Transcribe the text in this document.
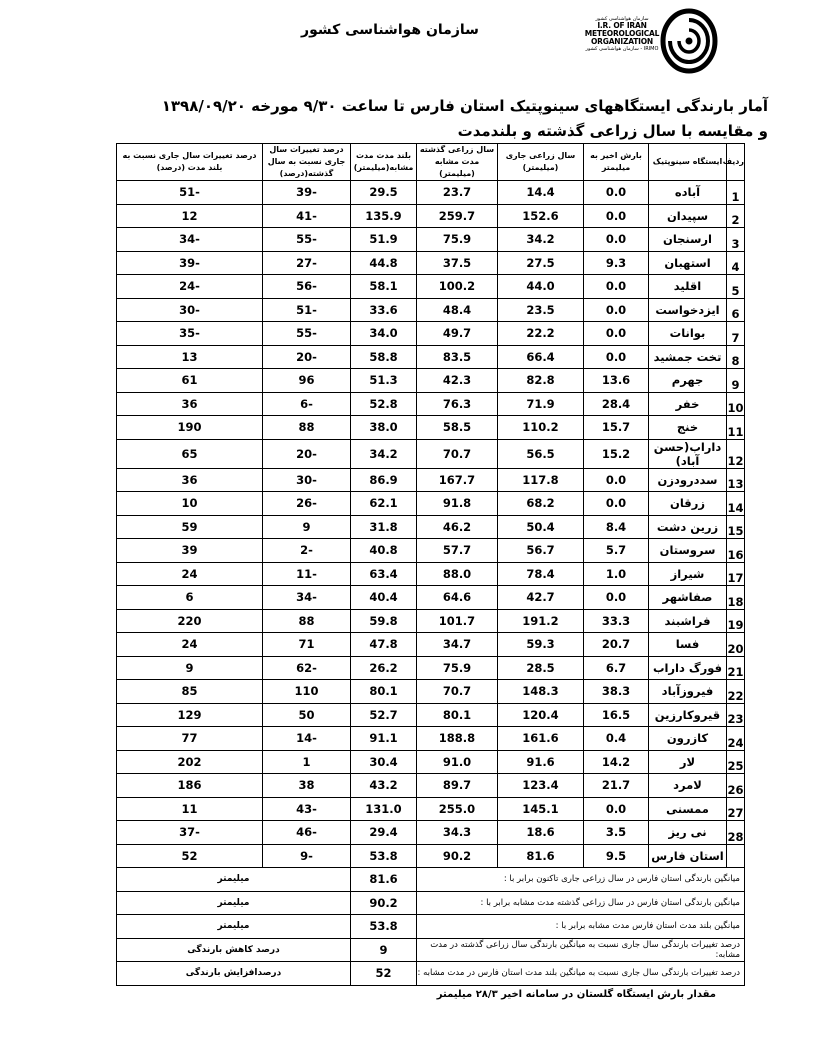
سازمان هواشناسی کشور
سازمان هواشناسی کشور
I.R. OF IRAN
METEOROLOGICAL
ORGANIZATION
IRIMO - سازمان هواشناسی کشور
آمار بارندگی ایستگاههای سینوپتیک استان فارس تا ساعت ۹/۳۰ مورخه ۱۳۹۸/۰۹/۲۰
و مقایسه با سال زراعی گذشته و بلندمدت
ردیف	ایستگاه سینوپتیک	بارش اخیر به میلیمتر	سال زراعی جاری (میلیمتر)	سال زراعی گذشته مدت مشابه (میلیمتر)	بلند مدت مدت مشابه(میلیمتر)	درصد تغییرات سال جاری نسبت به سال گذشته(درصد)	درصد تغییرات سال جاری نسبت به بلند مدت (درصد)
1	آباده	0.0	14.4	23.7	29.5	-39	-51
2	سپیدان	0.0	152.6	259.7	135.9	-41	12
3	ارسنجان	0.0	34.2	75.9	51.9	-55	-34
4	استهبان	9.3	27.5	37.5	44.8	-27	-39
5	اقلید	0.0	44.0	100.2	58.1	-56	-24
6	ایزدخواست	0.0	23.5	48.4	33.6	-51	-30
7	بوانات	0.0	22.2	49.7	34.0	-55	-35
8	تخت جمشید	0.0	66.4	83.5	58.8	-20	13
9	جهرم	13.6	82.8	42.3	51.3	96	61
10	خفر	28.4	71.9	76.3	52.8	-6	36
11	خنج	15.7	110.2	58.5	38.0	88	190
12	داراب(حسن آباد)	15.2	56.5	70.7	34.2	-20	65
13	سددرودزن	0.0	117.8	167.7	86.9	-30	36
14	زرقان	0.0	68.2	91.8	62.1	-26	10
15	زرین دشت	8.4	50.4	46.2	31.8	9	59
16	سروستان	5.7	56.7	57.7	40.8	-2	39
17	شیراز	1.0	78.4	88.0	63.4	-11	24
18	صفاشهر	0.0	42.7	64.6	40.4	-34	6
19	فراشبند	33.3	191.2	101.7	59.8	88	220
20	فسا	20.7	59.3	34.7	47.8	71	24
21	فورگ داراب	6.7	28.5	75.9	26.2	-62	9
22	فیروزآباد	38.3	148.3	70.7	80.1	110	85
23	قیروکارزین	16.5	120.4	80.1	52.7	50	129
24	کازرون	0.4	161.6	188.8	91.1	-14	77
25	لار	14.2	91.6	91.0	30.4	1	202
26	لامرد	21.7	123.4	89.7	43.2	38	186
27	ممسنی	0.0	145.1	255.0	131.0	-43	11
28	نی ریز	3.5	18.6	34.3	29.4	-46	-37
	استان فارس	9.5	81.6	90.2	53.8	-9	52
میانگین بارندگی استان فارس در سال زراعی جاری تاکنون برابر با :					81.6	میلیمتر	
میانگین بارندگی استان فارس در سال زراعی گذشته مدت مشابه برابر با :					90.2	میلیمتر	
میانگین بلند مدت استان فارس مدت مشابه برابر با :					53.8	میلیمتر	
درصد تغییرات بارندگی سال جاری نسبت به میانگین بارندگی سال زراعی گذشته در مدت مشابه:					9	درصد کاهش بارندگی	
درصد تغییرات بارندگی سال جاری نسبت به میانگین بلند مدت استان فارس در مدت مشابه :					52	درصدافزایش بارندگی	
مقدار بارش ایستگاه گلستان در سامانه اخیر ۲۸/۳ میلیمتر
